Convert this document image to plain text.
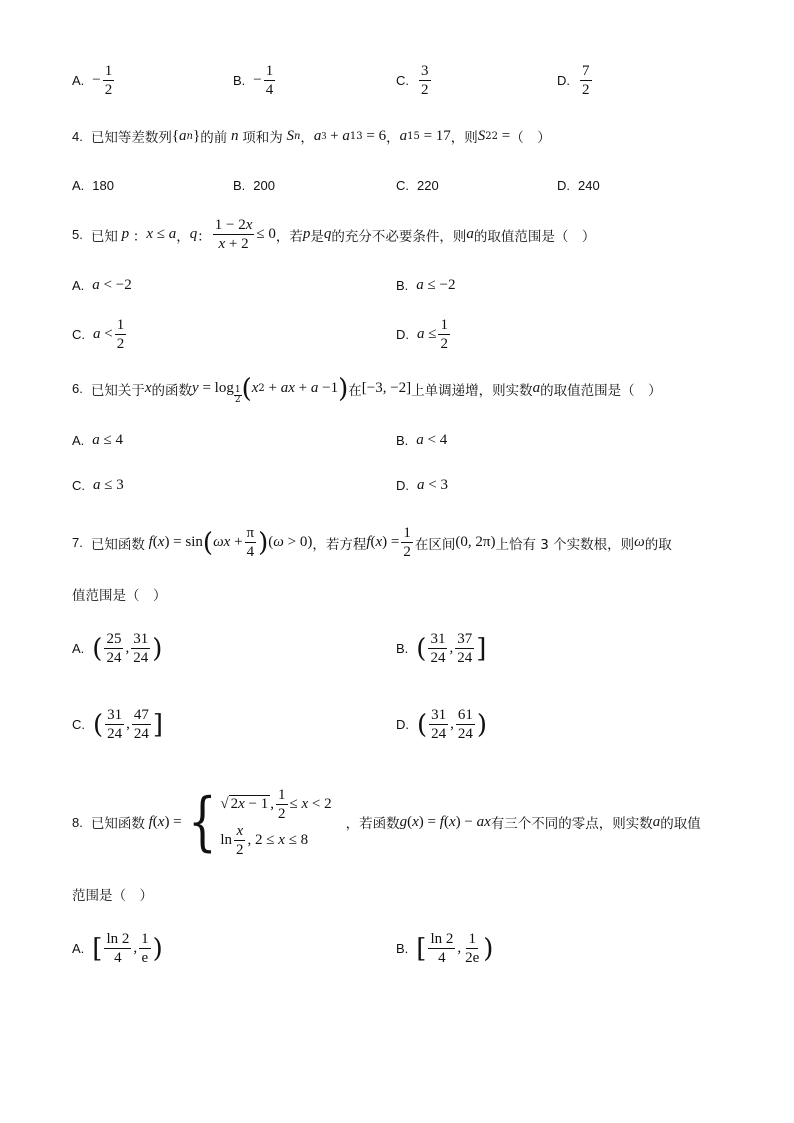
A. − $\frac{1}{2}$	B. − $\frac{1}{4}$	C. $\frac{3}{2}$	D. $\frac{7}{2}$
4. 已知等差数列 { a n } 的前 n 项和为 S n ， a 3 + a 13 = 6 ， a 15 = 17 ，则 S 22 = （　）
A. 180	B. 200	C. 220	D. 240
5. 已知 p ： x ≤ a ， q ： $\frac{1 - 2x}{x + 2} \le 0$ ，若 p 是 q 的充分不必要条件，则 a 的取值范围是 （　）
A. a < −2	B. a ≤ −2
C. $a < \frac{1}{2}$	D. $a \le \frac{1}{2}$
6. 已知关于 x 的函数 y = log 1
2 ( x 2 + ax + a −1 ) 在 [−3, −2] 上单调递增，则实数 a 的取值范围是 （　）
A. a ≤ 4	B. a < 4
C. a ≤ 3	D. a < 3
7. 已知函数 f ( x ) = sin ( $\omega x + \frac{\pi}{4}$ ) ( ω > 0) ，若方程 f ( x ) = $\frac{1}{2}$ 在区间 (0, 2π) 上恰有 3 个实数根，则 ω 的取
值范围是 （　）
A. ( $\frac{25}{24}$ , $\frac{31}{24}$ )	B. ( $\frac{31}{24}$ , $\frac{37}{24}$ ]
C. ( $\frac{31}{24}$ , $\frac{47}{24}$ ]	D. ( $\frac{31}{24}$ , $\frac{61}{24}$ )
8. 已知函数 f ( x ) = { √ 2x − 1 , $\frac{1}{2} \le x < 2$
$\ln \frac{x}{2}$ , 2 ≤ x ≤ 8
，若函数 g ( x ) = f ( x ) − ax 有三个不同的零点，则实数 a 的取值
范围是 （　）
A. [ $\frac{\ln 2}{4}$ , $\frac{1}{e}$ )	B. [ $\frac{\ln 2}{4}$ , $\frac{1}{2e}$ )
